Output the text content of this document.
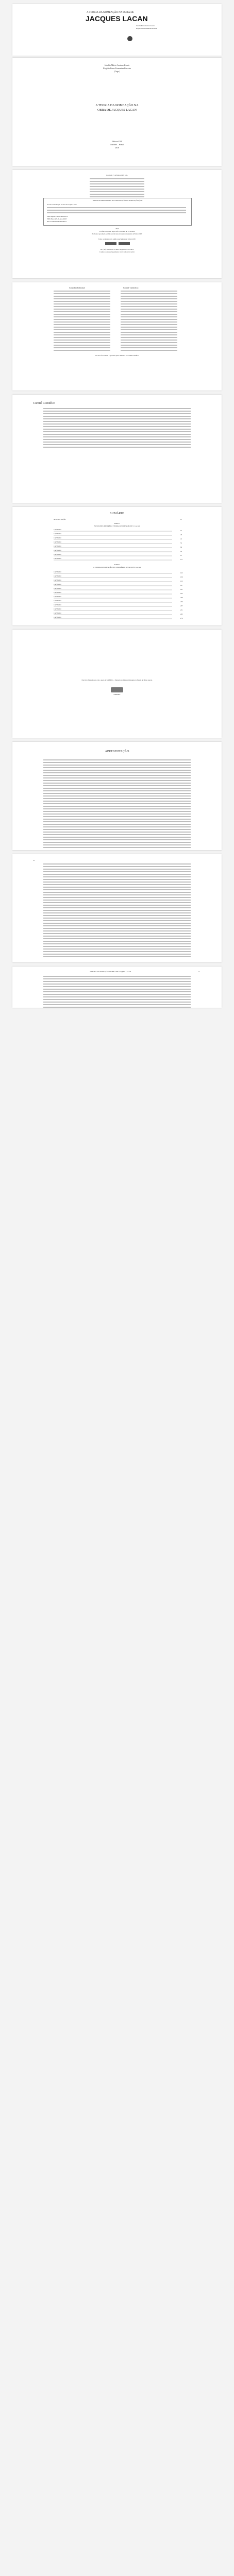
A TEORIA DA NOMEAÇÃO NA OBRA DE
JACQUES LACAN
Jadellis Mário Caetano Kassis
Rogério Peres Fernandes Ferreira
Jadellis Mário Caetano Kassis
Rogério Peres Fernandes Ferreira
(Orgs.)
A TEORIA DA NOMEAÇÃO NA
OBRA DE JACQUES LACAN
Editora CRV
Curitiba – Brasil
2018
Copyright © da Editora CRV Ltda.
DADOS INTERNACIONAIS DE CATALOGAÇÃO NA PUBLICAÇÃO (CIP)
A teoria da nomeação na obra de Jacques Lacan
ISBN Digital 978-85-444-2659-4
ISBN Físico 978-85-444-2658-7
DOI 10.24824/978854442658.7
2018
Foi feito o depósito legal conf. Lei 10.994 de 14/12/2004
Proibida a reprodução parcial ou total desta obra sem autorização da Editora CRV
Todos os direitos desta edição reservados pela: Editora CRV
Tel.: (41) 3039-6418 - E-mail: sac@editoracrv.com.br
Conheça os nossos lançamentos: www.editoracrv.com.br
Conselho Editorial:	Comitê Científico:
Esta obra foi avaliada e aprovada pelos membros do Comitê Científico.
Comitê Científico
SUMÁRIO
APRESENTAÇÃO	11
PARTE 1
NOTAS PRELIMINARES À TEORIA DA NOMEAÇÃO DE J. LACAN
CAPÍTULO	15
CAPÍTULO	29
CAPÍTULO	41
CAPÍTULO	55
CAPÍTULO	69
CAPÍTULO	83
CAPÍTULO	97
CAPÍTULO	111
CAPÍTULO	125
CAPÍTULO	139
CAPÍTULO	153
CAPÍTULO	167
CAPÍTULO	181
CAPÍTULO	195
CAPÍTULO	209
CAPÍTULO	223
CAPÍTULO	237
CAPÍTULO	251
CAPÍTULO	265
CAPÍTULO	279
PARTE 2
A TEORIA DA NOMEAÇÃO NOS SEMINÁRIOS DE JACQUES LACAN
Este livro foi publicado com o apoio da FAPEMIG – Fundação de Amparo à Pesquisa do Estado de Minas Gerais.
FAPEMIG
APRESENTAÇÃO
12
A TEORIA DA NOMEAÇÃO NA OBRA DE JACQUES LACAN	13
